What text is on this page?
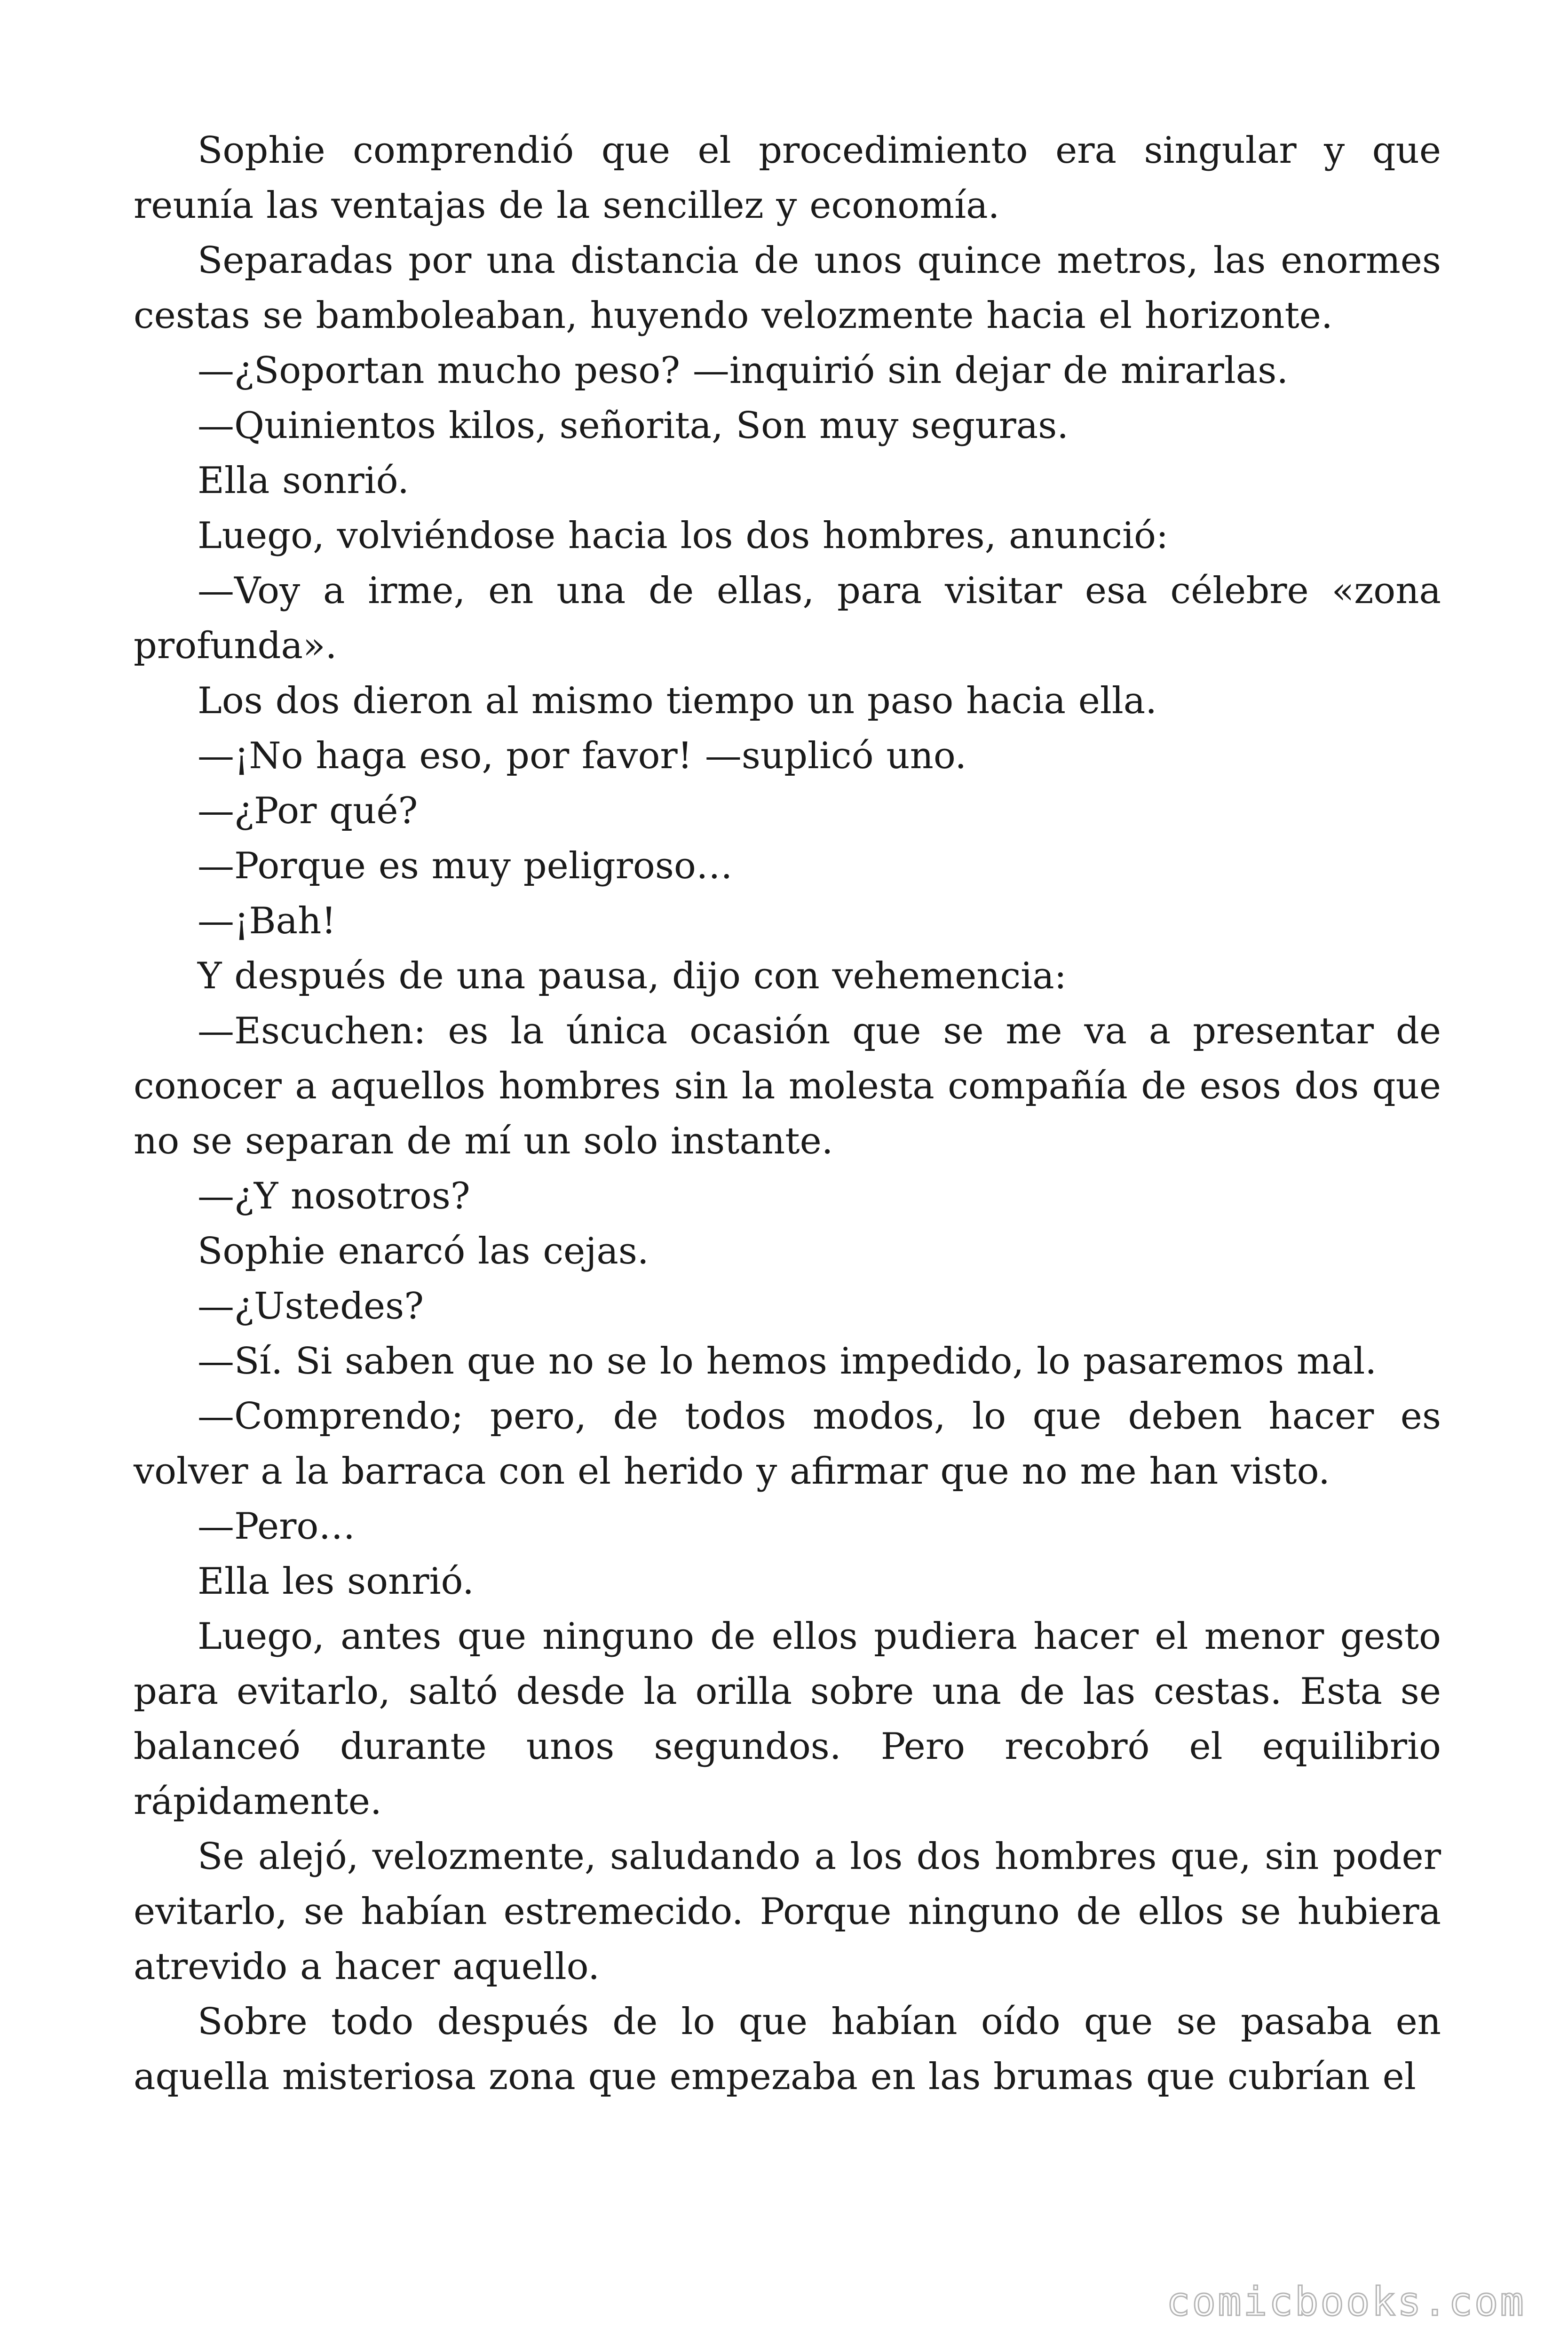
Sophie comprendió que el procedimiento era singular y que reunía las ventajas de la sencillez y economía.

Separadas por una distancia de unos quince metros, las enormes cestas se bamboleaban, huyendo velozmente hacia el horizonte.

—¿Soportan mucho peso? —inquirió sin dejar de mirarlas.

—Quinientos kilos, señorita, Son muy seguras.

Ella sonrió.

Luego, volviéndose hacia los dos hombres, anunció:

—Voy a irme, en una de ellas, para visitar esa célebre «zona profunda».

Los dos dieron al mismo tiempo un paso hacia ella.

—¡No haga eso, por favor! —suplicó uno.

—¿Por qué?

—Porque es muy peligroso…

—¡Bah!

Y después de una pausa, dijo con vehemencia:

—Escuchen: es la única ocasión que se me va a presentar de conocer a aquellos hombres sin la molesta compañía de esos dos que no se separan de mí un solo instante.

—¿Y nosotros?

Sophie enarcó las cejas.

—¿Ustedes?

—Sí. Si saben que no se lo hemos impedido, lo pasaremos mal.

—Comprendo; pero, de todos modos, lo que deben hacer es volver a la barraca con el herido y afirmar que no me han visto.

—Pero…

Ella les sonrió.

Luego, antes que ninguno de ellos pudiera hacer el menor gesto para evitarlo, saltó desde la orilla sobre una de las cestas. Esta se balanceó durante unos segundos. Pero recobró el equilibrio rápidamente.

Se alejó, velozmente, saludando a los dos hombres que, sin poder evitarlo, se habían estremecido. Porque ninguno de ellos se hubiera atrevido a hacer aquello.

Sobre todo después de lo que habían oído que se pasaba en aquella misteriosa zona que empezaba en las brumas que cubrían el

comicbooks.com
